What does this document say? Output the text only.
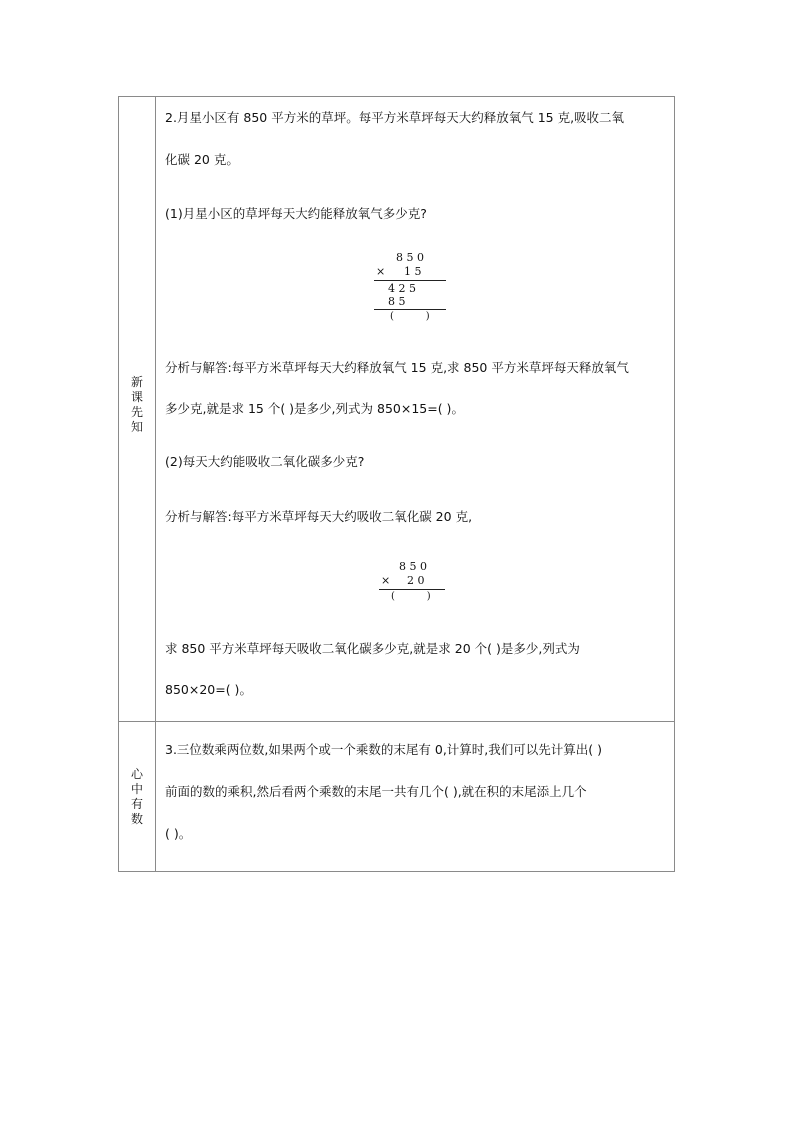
新
课
先
知
心
中
有
数
2.月星小区有 850 平方米的草坪。每平方米草坪每天大约释放氧气 15 克,吸收二氧
化碳 20 克。
(1)月星小区的草坪每天大约能释放氧气多少克?
8 5 0
× 1 5
4 2 5
8 5
(          )
分析与解答:每平方米草坪每天大约释放氧气 15 克,求 850 平方米草坪每天释放氧气
多少克,就是求 15 个( )是多少,列式为 850×15=( )。
(2)每天大约能吸收二氧化碳多少克?
分析与解答:每平方米草坪每天大约吸收二氧化碳 20 克,
8 5 0
× 2 0
(          )
求 850 平方米草坪每天吸收二氧化碳多少克,就是求 20 个( )是多少,列式为
850×20=( )。
3.三位数乘两位数,如果两个或一个乘数的末尾有 0,计算时,我们可以先计算出( )
前面的数的乘积,然后看两个乘数的末尾一共有几个( ),就在积的末尾添上几个
( )。
